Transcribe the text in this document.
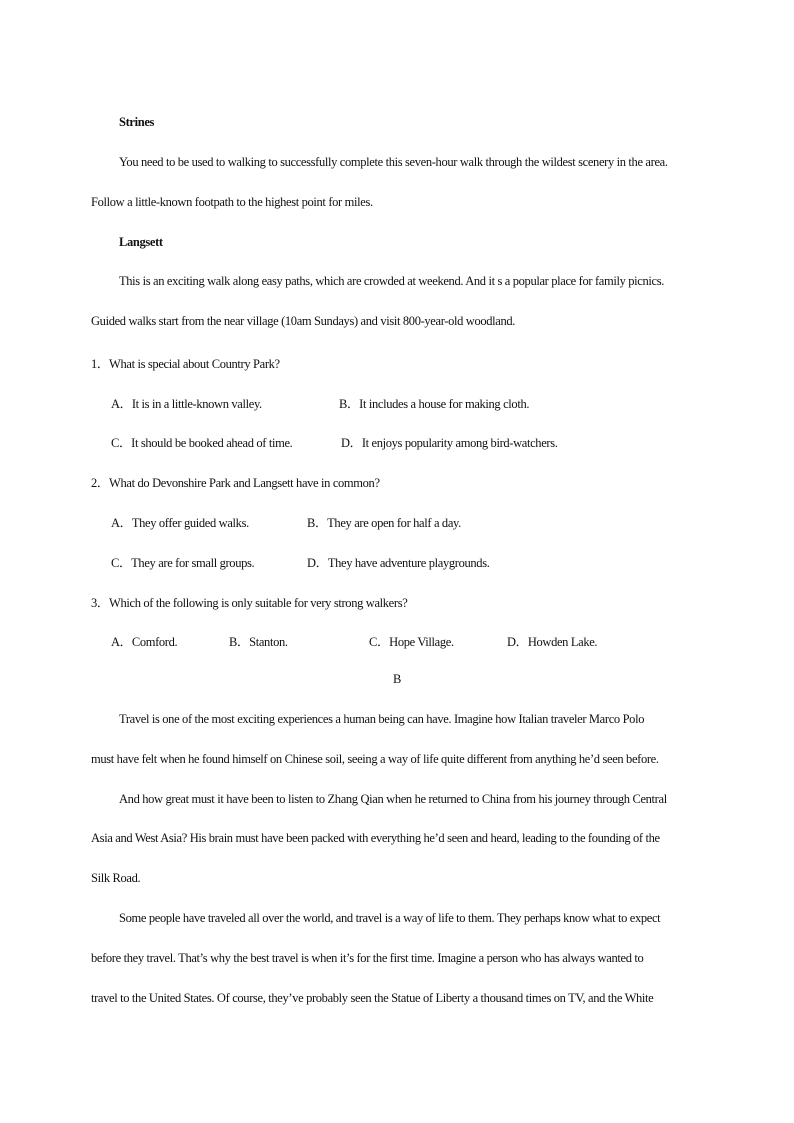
Strines
You need to be used to walking to successfully complete this seven-hour walk through the wildest scenery in the area.
Follow a little-known footpath to the highest point for miles.
Langsett
This is an exciting walk along easy paths, which are crowded at weekend. And it s a popular place for family picnics.
Guided walks start from the near village (10am Sundays) and visit 800-year-old woodland.
1．What is special about Country Park?
A．It is in a little-known valley.	B．It includes a house for making cloth.
C．It should be booked ahead of time.	D．It enjoys popularity among bird-watchers.
2．What do Devonshire Park and Langsett have in common?
A．They offer guided walks.	B．They are open for half a day.
C．They are for small groups.	D．They have adventure playgrounds.
3．Which of the following is only suitable for very strong walkers?
A．Comford.	B．Stanton.	C．Hope Village.	D．Howden Lake.
B
Travel is one of the most exciting experiences a human being can have. Imagine how Italian traveler Marco Polo
must have felt when he found himself on Chinese soil, seeing a way of life quite different from anything he’d seen before.
And how great must it have been to listen to Zhang Qian when he returned to China from his journey through Central
Asia and West Asia? His brain must have been packed with everything he’d seen and heard, leading to the founding of the
Silk Road.
Some people have traveled all over the world, and travel is a way of life to them. They perhaps know what to expect
before they travel. That’s why the best travel is when it’s for the first time. Imagine a person who has always wanted to
travel to the United States. Of course, they’ve probably seen the Statue of Liberty a thousand times on TV, and the White
